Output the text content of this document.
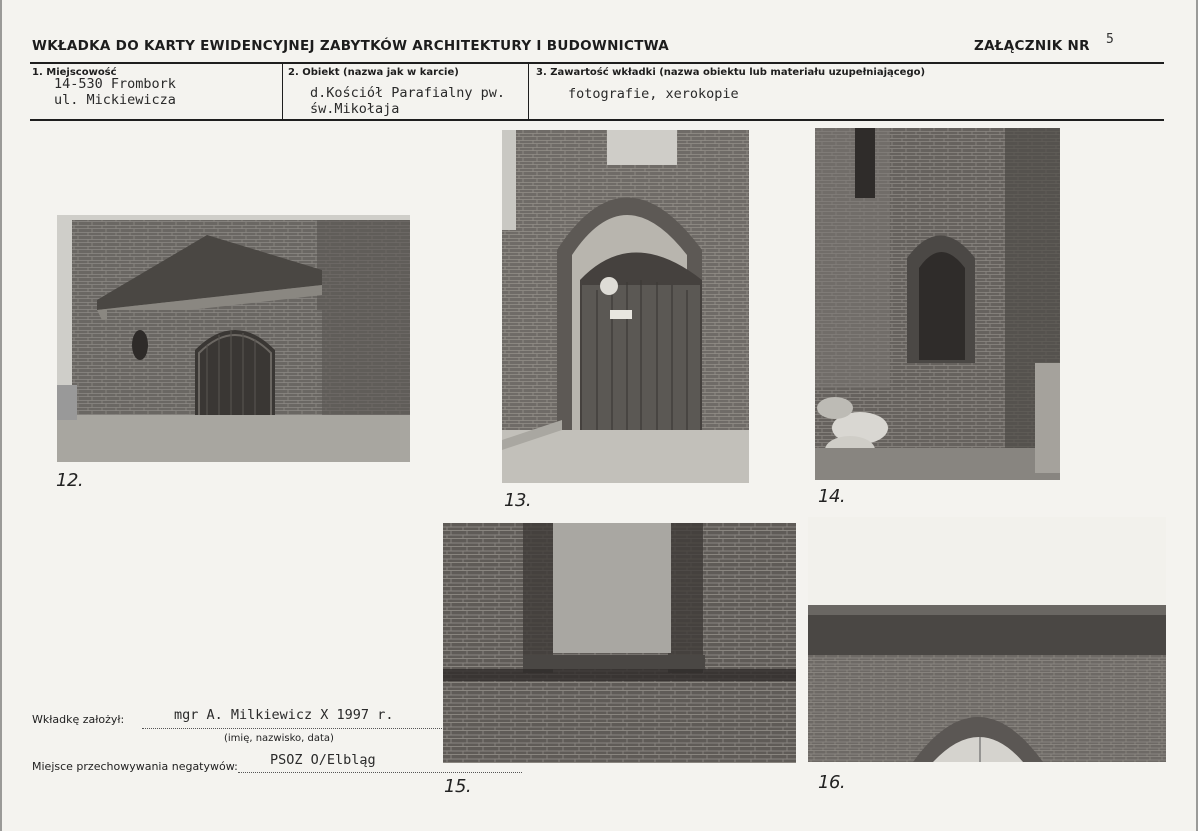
WKŁADKA DO KARTY EWIDENCYJNEJ ZABYTKÓW ARCHITEKTURY I BUDOWNICTWA	ZAŁĄCZNIK NR 5
1. Miejscowość
14-530 Frombork
ul. Mickiewicza
2. Obiekt (nazwa jak w karcie)
d.Kościół Parafialny pw.
św.Mikołaja
3. Zawartość wkładki (nazwa obiektu lub materiału uzupełniającego)
fotografie, xerokopie
12.
13.	14.
15.	16.
Wkładkę założył:	mgr A. Milkiewicz X 1997 r.
(imię, nazwisko, data)
Miejsce przechowywania negatywów: PSOZ O/Elbląg
